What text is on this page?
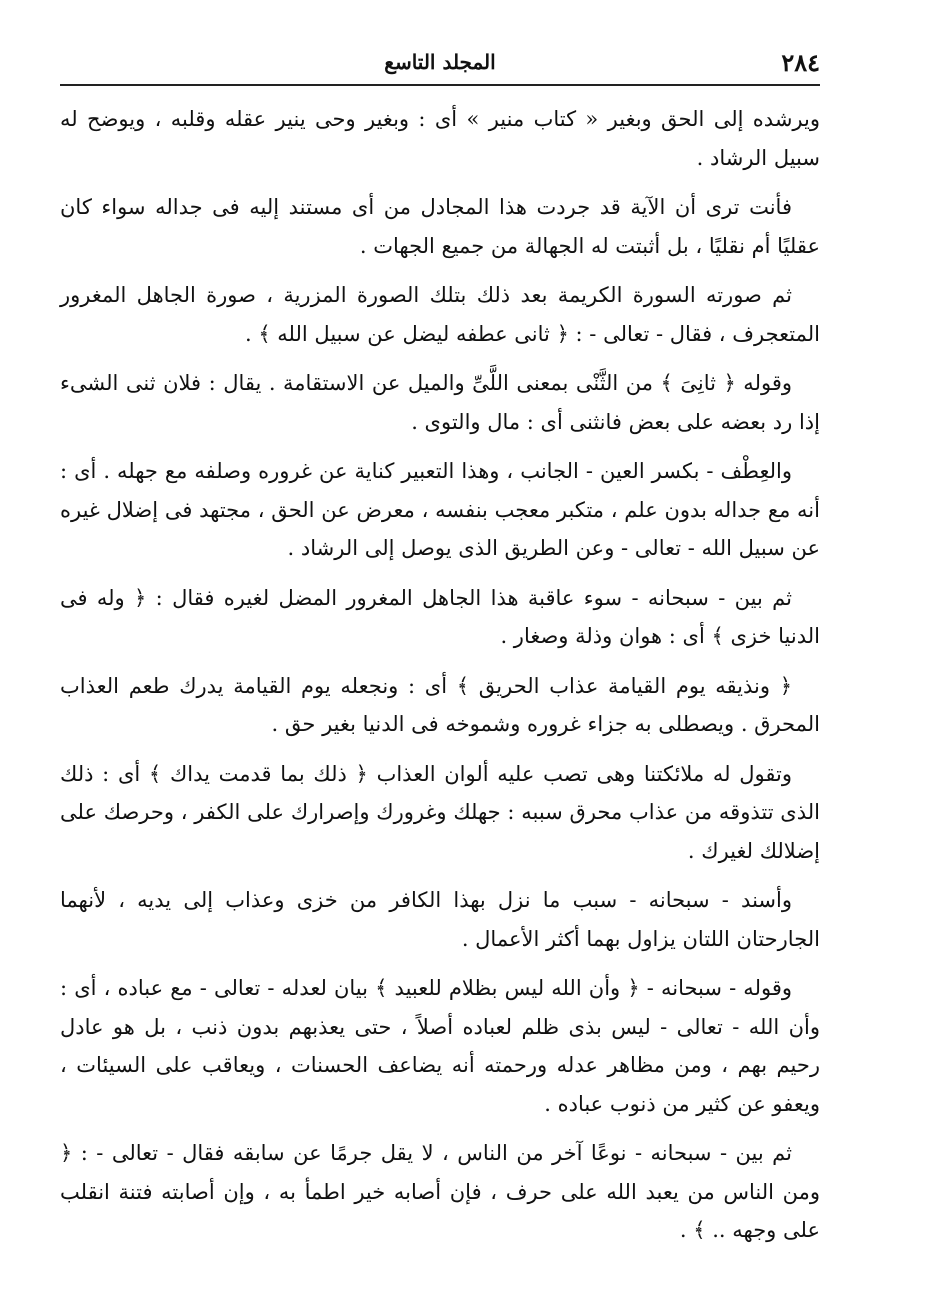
٢٨٤
المجلد التاسع

ويرشده إلى الحق وبغير « كتاب منير » أى : وبغير وحى ينير عقله وقلبه ، ويوضح له سبيل الرشاد .

فأنت ترى أن الآية قد جردت هذا المجادل من أى مستند إليه فى جداله سواء كان عقليًا أم نقليًا ، بل أثبتت له الجهالة من جميع الجهات .

ثم صورته السورة الكريمة بعد ذلك بتلك الصورة المزرية ، صورة الجاهل المغرور المتعجرف ، فقال - تعالى - : ﴿ ثانى عطفه ليضل عن سبيل الله ﴾ .

وقوله ﴿ ثانِىَ ﴾ من الثَّنْى بمعنى اللَّىِّ والميل عن الاستقامة . يقال : فلان ثنى الشىء إذا رد بعضه على بعض فانثنى أى : مال والتوى .

والعِطْف - بكسر العين - الجانب ، وهذا التعبير كناية عن غروره وصلفه مع جهله . أى : أنه مع جداله بدون علم ، متكبر معجب بنفسه ، معرض عن الحق ، مجتهد فى إضلال غيره عن سبيل الله - تعالى - وعن الطريق الذى يوصل إلى الرشاد .

ثم بين - سبحانه - سوء عاقبة هذا الجاهل المغرور المضل لغيره فقال : ﴿ وله فى الدنيا خزى ﴾ أى : هوان وذلة وصغار .

﴿ ونذيقه يوم القيامة عذاب الحريق ﴾ أى : ونجعله يوم القيامة يدرك طعم العذاب المحرق . ويصطلى به جزاء غروره وشموخه فى الدنيا بغير حق .

وتقول له ملائكتنا وهى تصب عليه ألوان العذاب ﴿ ذلك بما قدمت يداك ﴾ أى : ذلك الذى تتذوقه من عذاب محرق سببه : جهلك وغرورك وإصرارك على الكفر ، وحرصك على إضلالك لغيرك .

وأسند - سبحانه - سبب ما نزل بهذا الكافر من خزى وعذاب إلى يديه ، لأنهما الجارحتان اللتان يزاول بهما أكثر الأعمال .

وقوله - سبحانه - ﴿ وأن الله ليس بظلام للعبيد ﴾ بيان لعدله - تعالى - مع عباده ، أى : وأن الله - تعالى - ليس بذى ظلم لعباده أصلاً ، حتى يعذبهم بدون ذنب ، بل هو عادل رحيم بهم ، ومن مظاهر عدله ورحمته أنه يضاعف الحسنات ، ويعاقب على السيئات ، ويعفو عن كثير من ذنوب عباده .

ثم بين - سبحانه - نوعًا آخر من الناس ، لا يقل جرمًا عن سابقه فقال - تعالى - : ﴿ ومن الناس من يعبد الله على حرف ، فإن أصابه خير اطمأ به ، وإن أصابته فتنة انقلب على وجهه .. ﴾ .
